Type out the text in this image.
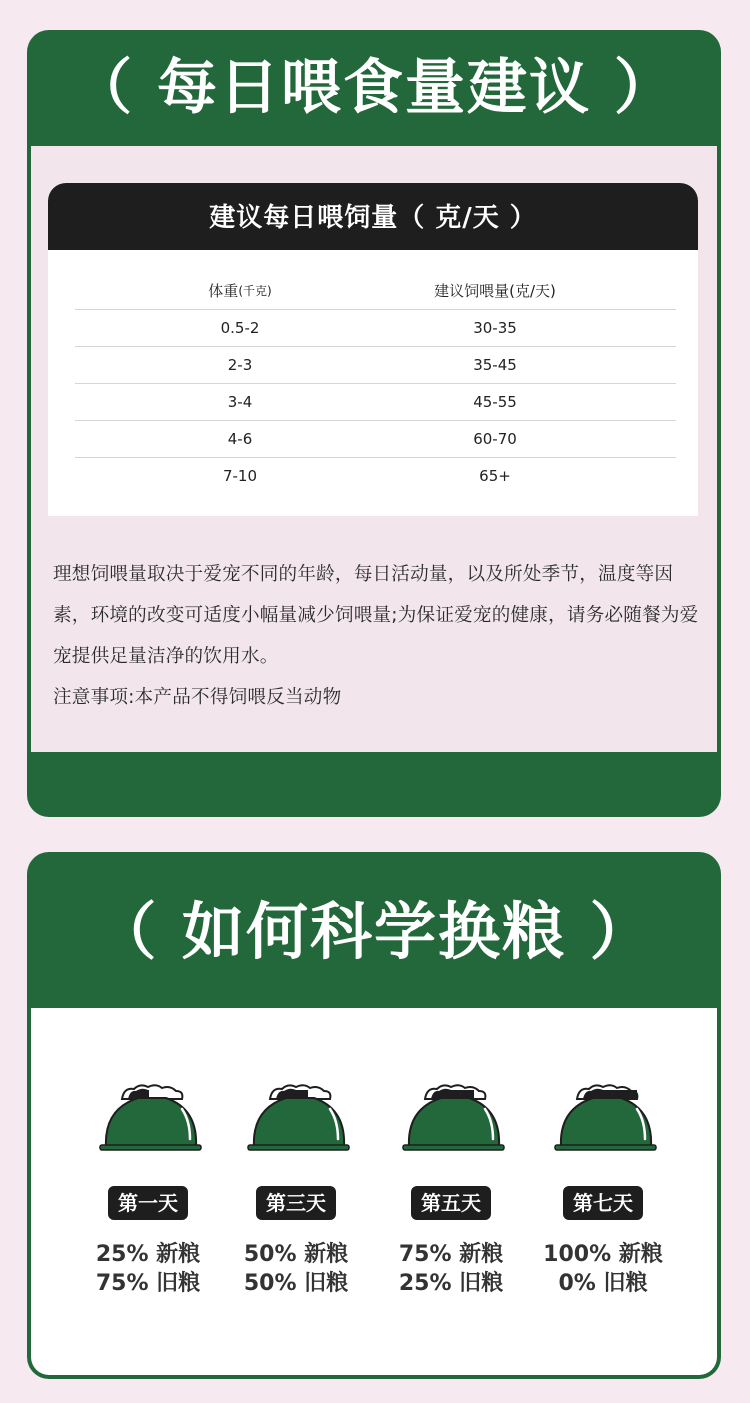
（ 每日喂食量建议 ）
建议每日喂饲量（ 克/天 ）
体重 (千克)	建议饲喂量(克/天)
0.5-2	30-35
2-3	35-45
3-4	45-55
4-6	60-70
7-10	65+

理想饲喂量取决于爱宠不同的年龄，每日活动量，以及所处季节，温度等因素，环境的改变可适度小幅量减少饲喂量;为保证爱宠的健康，请务必随餐为爱宠提供足量洁净的饮用水。

注意事项:本产品不得饲喂反当动物

（ 如何科学换粮 ）
第一天
25% 新粮
75% 旧粮
第三天
50% 新粮
50% 旧粮
第五天
75% 新粮
25% 旧粮
第七天
100% 新粮
0% 旧粮
